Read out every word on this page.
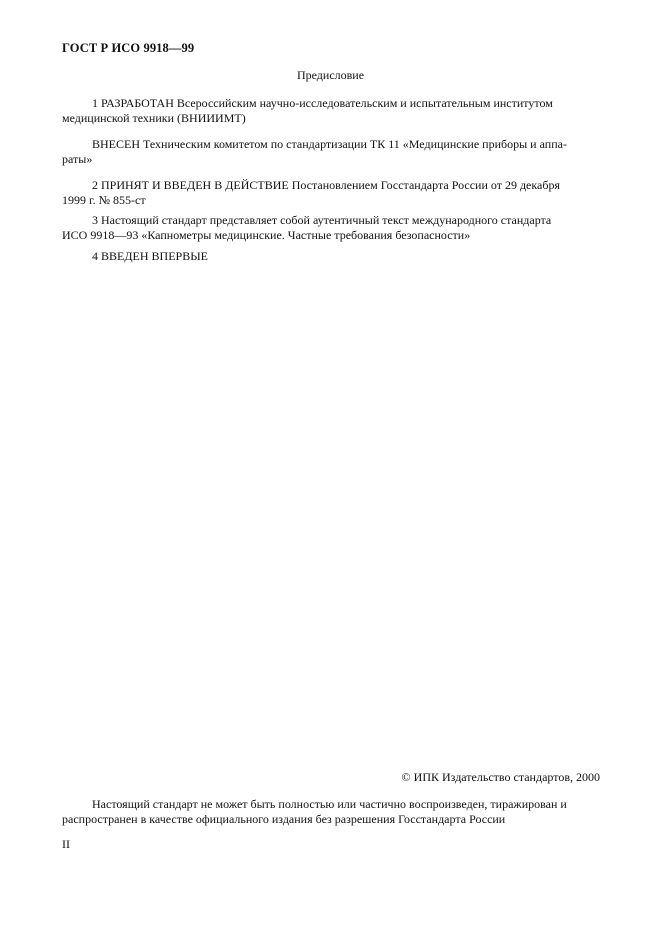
ГОСТ Р ИСО 9918—99
Предисловие
1 РАЗРАБОТАН Всероссийским научно-исследовательским и испытательным институтом
медицинской техники (ВНИИИМТ)
ВНЕСЕН Техническим комитетом по стандартизации ТК 11 «Медицинские приборы и аппа-
раты»
2 ПРИНЯТ И ВВЕДЕН В ДЕЙСТВИЕ Постановлением Госстандарта России от 29 декабря
1999 г. № 855-ст
3 Настоящий стандарт представляет собой аутентичный текст международного стандарта
ИСО 9918—93 «Капнометры медицинские. Частные требования безопасности»
4 ВВЕДЕН ВПЕРВЫЕ
© ИПК Издательство стандартов, 2000
Настоящий стандарт не может быть полностью или частично воспроизведен, тиражирован и
распространен в качестве официального издания без разрешения Госстандарта России
II
